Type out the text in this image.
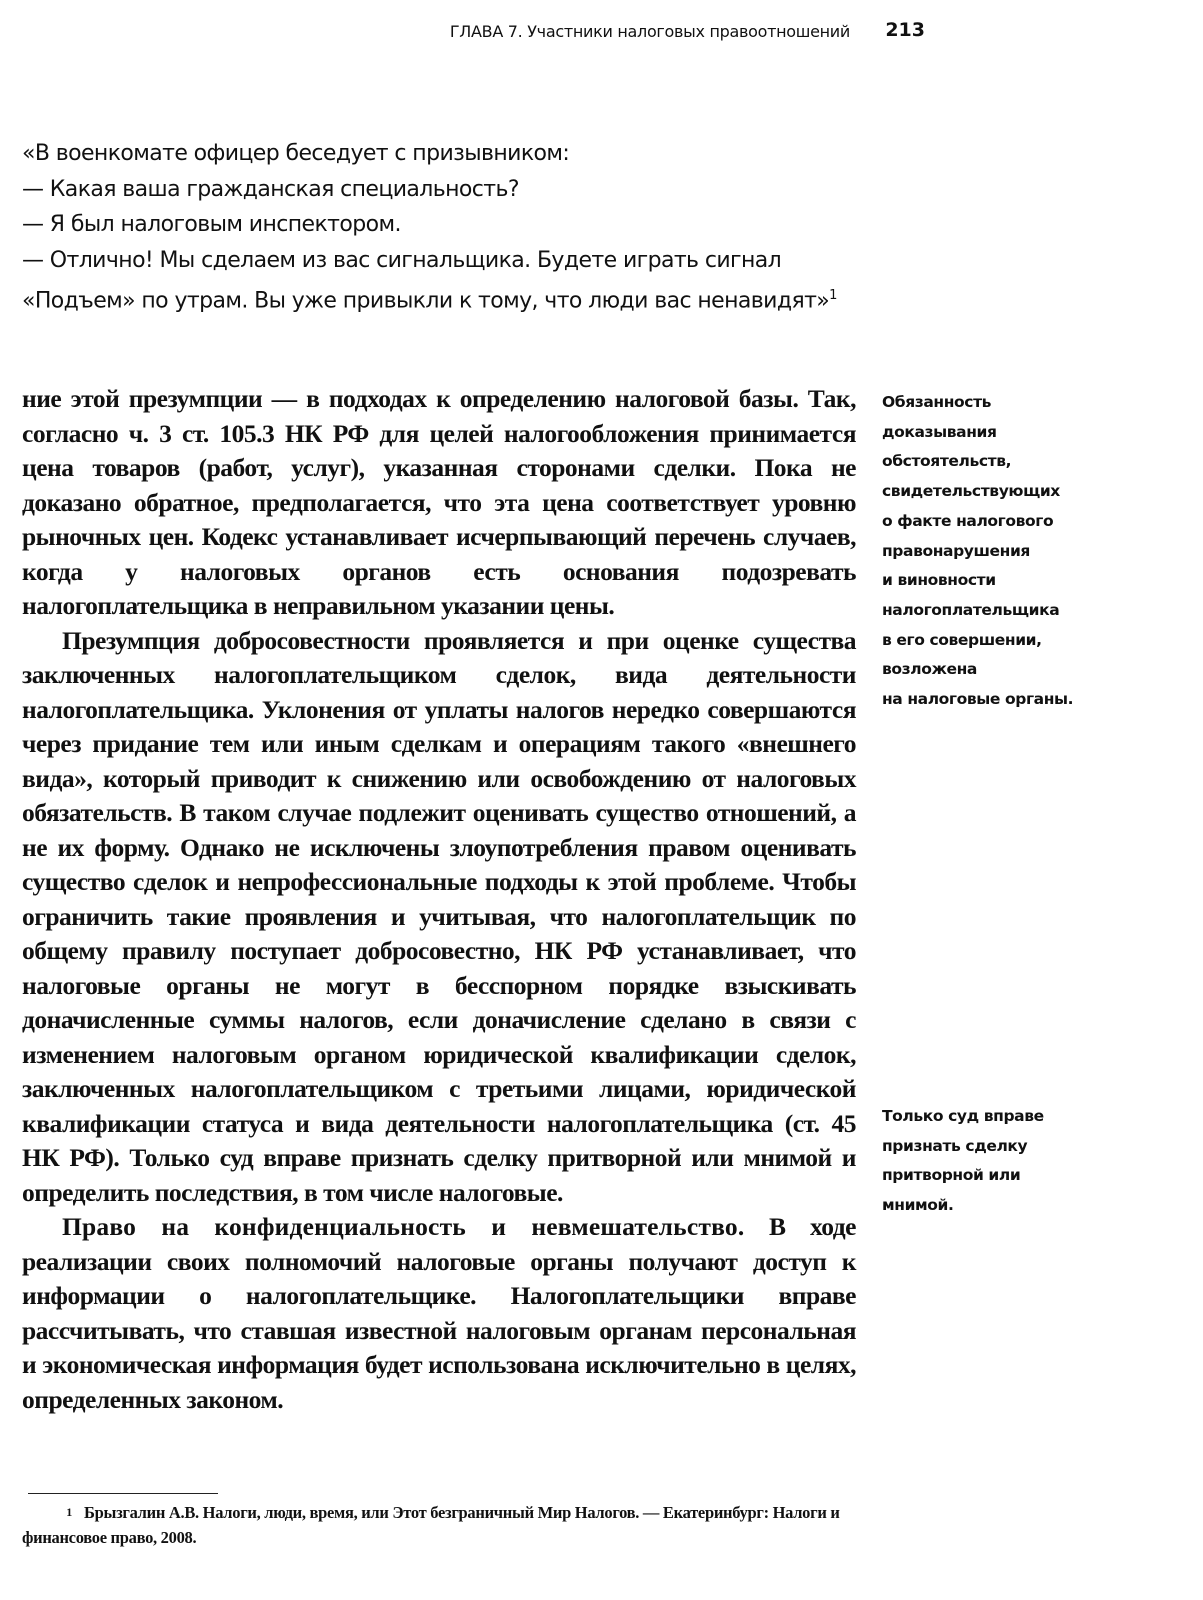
ГЛАВА 7. Участники налоговых правоотношений 213
«В военкомате офицер беседует с призывником:
— Какая ваша гражданская специальность?
— Я был налоговым инспектором.
— Отлично! Мы сделаем из вас сигнальщика. Будете играть сигнал
«Подъем» по утрам. Вы уже привыкли к тому, что люди вас ненавидят»$^1$

ние этой презумпции — в подходах к определению налоговой базы. Так, согласно ч. 3 ст. 105.3 НК РФ для целей налогообложения принимается цена товаров (работ, услуг), указанная сторонами сделки. Пока не доказано обратное, предполагается, что эта цена соответствует уровню рыночных цен. Кодекс устанавливает исчерпывающий перечень случаев, когда у налоговых органов есть основания подозревать налогоплательщика в неправильном указании цены.

Презумпция добросовестности проявляется и при оценке существа заключенных налогоплательщиком сделок, вида деятельности налогоплательщика. Уклонения от уплаты налогов нередко совершаются через придание тем или иным сделкам и операциям такого «внешнего вида», который приводит к снижению или освобождению от налоговых обязательств. В таком случае подлежит оценивать существо отношений, а не их форму. Однако не исключены злоупотребления правом оценивать существо сделок и непрофессиональные подходы к этой проблеме. Чтобы ограничить такие проявления и учитывая, что налогоплательщик по общему правилу поступает добросовестно, НК РФ устанавливает, что налоговые органы не могут в бесспорном порядке взыскивать доначисленные суммы налогов, если доначисление сделано в связи с изменением налоговым органом юридической квалификации сделок, заключенных налогоплательщиком с третьими лицами, юридической квалификации статуса и вида деятельности налогоплательщика (ст. 45 НК РФ). Только суд вправе признать сделку притворной или мнимой и определить последствия, в том числе налоговые.

Право на конфиденциальность и невмешательство. В ходе реализации своих полномочий налоговые органы получают доступ к информации о налогоплательщике. Налогоплательщики вправе рассчитывать, что ставшая известной налоговым органам персональная и экономическая информация будет использована исключительно в целях, определенных законом.

Обязанность
доказывания
обстоятельств,
свидетельствующих
о факте налогового
правонарушения
и виновности
налогоплательщика
в его совершении,
возложена
на налоговые органы.
Только суд вправе
признать сделку
притворной или
мнимой.
1 Брызгалин А.В. Налоги, люди, время, или Этот безграничный Мир Налогов. — Екатеринбург: Налоги и финансовое право, 2008.
